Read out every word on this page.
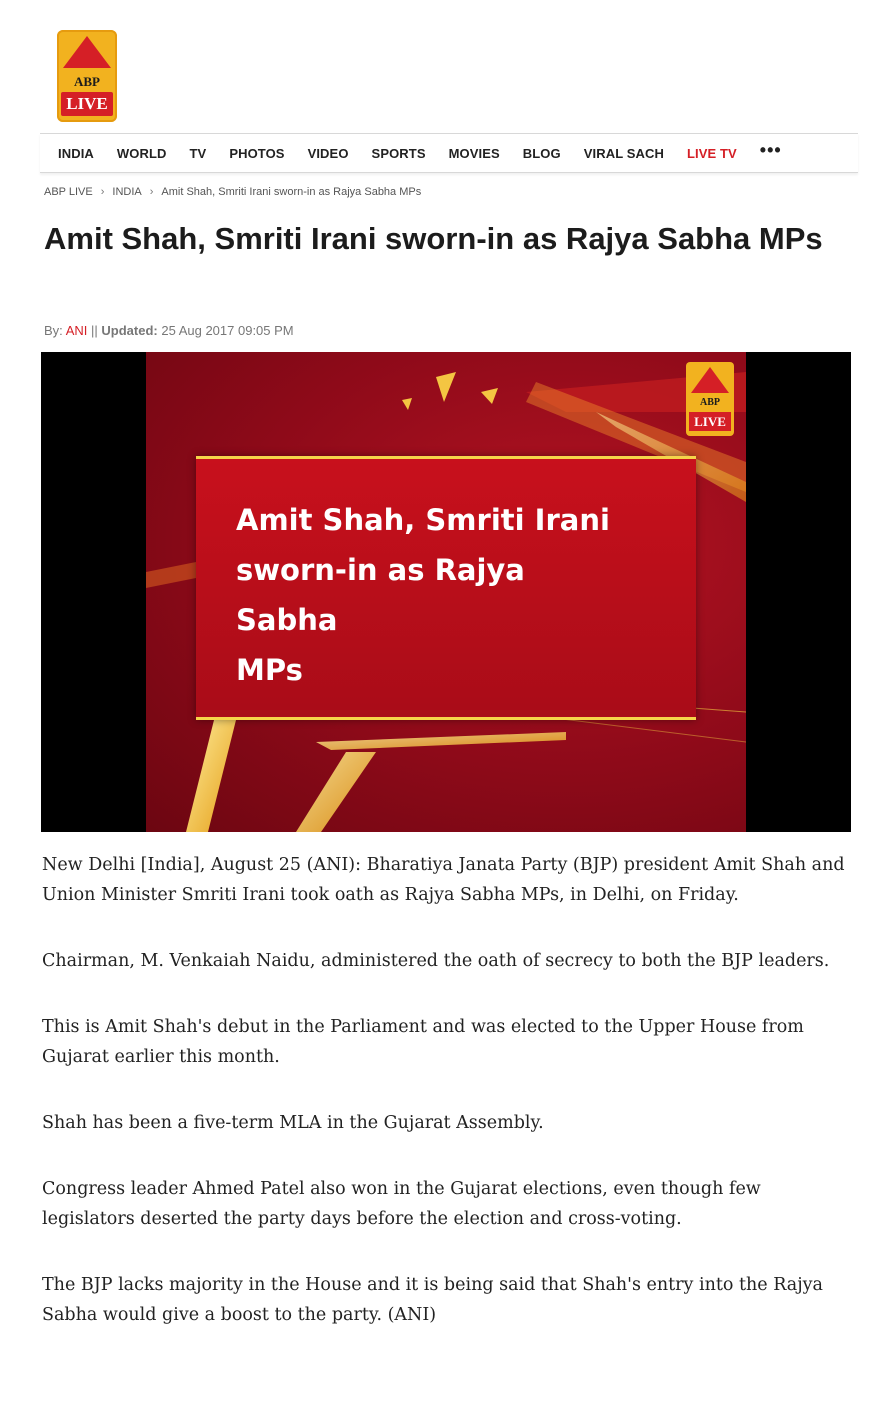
ABP
LIVE
INDIA WORLD TV PHOTOS VIDEO SPORTS MOVIES BLOG VIRAL SACH LIVE TV •••
ABP LIVE › INDIA › Amit Shah, Smriti Irani sworn-in as Rajya Sabha MPs
Amit Shah, Smriti Irani sworn-in as Rajya Sabha MPs
By: ANI || Updated: 25 Aug 2017 09:05 PM
Amit Shah, Smriti Irani
sworn-in as Rajya Sabha
MPs
ABP
LIVE

New Delhi [India], August 25 (ANI): Bharatiya Janata Party (BJP) president Amit Shah and Union Minister Smriti Irani took oath as Rajya Sabha MPs, in Delhi, on Friday.

Chairman, M. Venkaiah Naidu, administered the oath of secrecy to both the BJP leaders.

This is Amit Shah's debut in the Parliament and was elected to the Upper House from Gujarat earlier this month.

Shah has been a five-term MLA in the Gujarat Assembly.

Congress leader Ahmed Patel also won in the Gujarat elections, even though few legislators deserted the party days before the election and cross-voting.

The BJP lacks majority in the House and it is being said that Shah's entry into the Rajya Sabha would give a boost to the party. (ANI)
